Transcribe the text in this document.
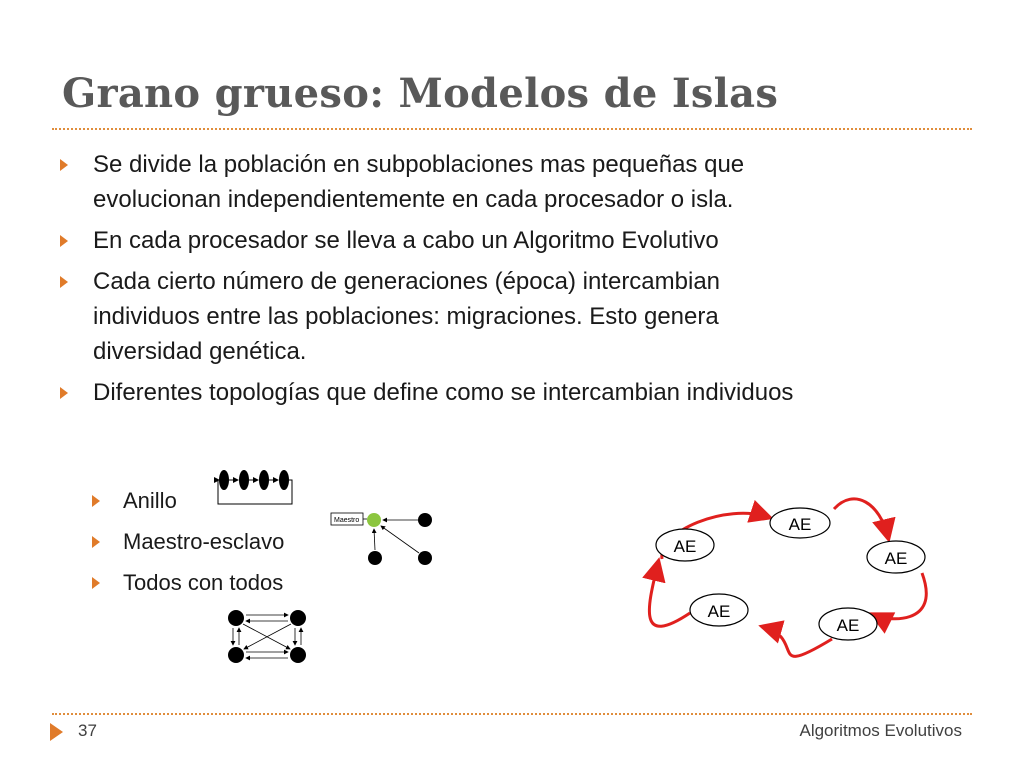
Grano grueso: Modelos de Islas
Se divide la población en subpoblaciones mas pequeñas que
evolucionan independientemente en cada procesador o isla.
En cada procesador se lleva a cabo un Algoritmo Evolutivo
Cada cierto número de generaciones (época) intercambian
individuos entre las poblaciones: migraciones. Esto genera
diversidad genética.
Diferentes topologías que define como se intercambian individuos
Anillo
Maestro-esclavo
Todos con todos
Maestro
AE
AE
AE
AE
AE
37	Algoritmos Evolutivos
